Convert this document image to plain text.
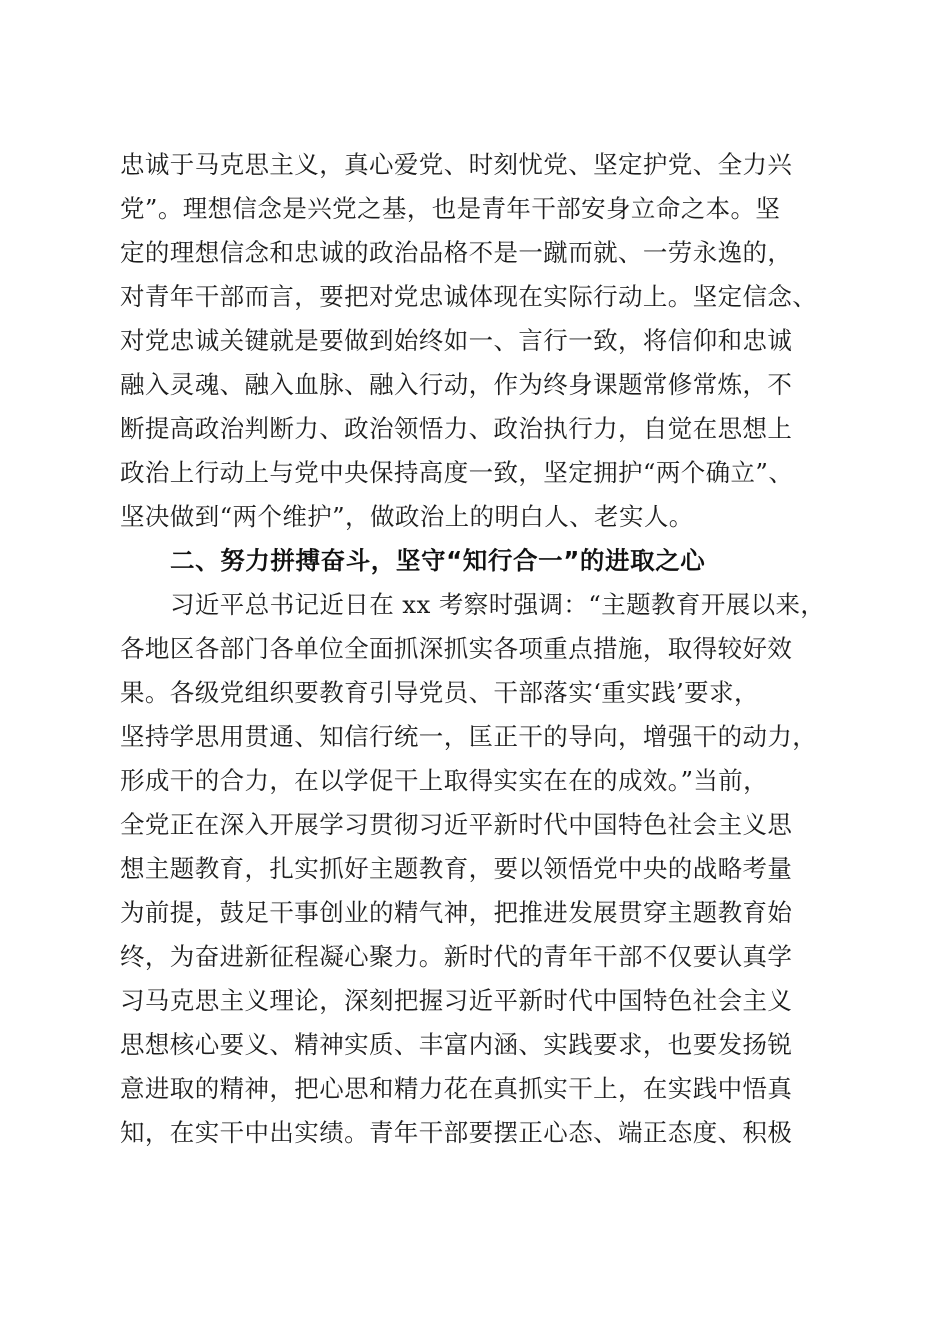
忠诚于马克思主义，真心爱党、时刻忧党、坚定护党、全力兴
党”。理想信念是兴党之基，也是青年干部安身立命之本。坚
定的理想信念和忠诚的政治品格不是一蹴而就、一劳永逸的，
对青年干部而言，要把对党忠诚体现在实际行动上。坚定信念、
对党忠诚关键就是要做到始终如一、言行一致，将信仰和忠诚
融入灵魂、融入血脉、融入行动，作为终身课题常修常炼，不
断提高政治判断力、政治领悟力、政治执行力，自觉在思想上
政治上行动上与党中央保持高度一致，坚定拥护“两个确立”、
坚决做到“两个维护”，做政治上的明白人、老实人。
二、努力拼搏奋斗，坚守“知行合一”的进取之心
习近平总书记近日在 xx 考察时强调：“主题教育开展以来，
各地区各部门各单位全面抓深抓实各项重点措施，取得较好效
果。各级党组织要教育引导党员、干部落实‘重实践’要求，
坚持学思用贯通、知信行统一，匡正干的导向，增强干的动力，
形成干的合力，在以学促干上取得实实在在的成效。”当前，
全党正在深入开展学习贯彻习近平新时代中国特色社会主义思
想主题教育，扎实抓好主题教育，要以领悟党中央的战略考量
为前提，鼓足干事创业的精气神，把推进发展贯穿主题教育始
终，为奋进新征程凝心聚力。新时代的青年干部不仅要认真学
习马克思主义理论，深刻把握习近平新时代中国特色社会主义
思想核心要义、精神实质、丰富内涵、实践要求，也要发扬锐
意进取的精神，把心思和精力花在真抓实干上，在实践中悟真
知，在实干中出实绩。青年干部要摆正心态、端正态度、积极
